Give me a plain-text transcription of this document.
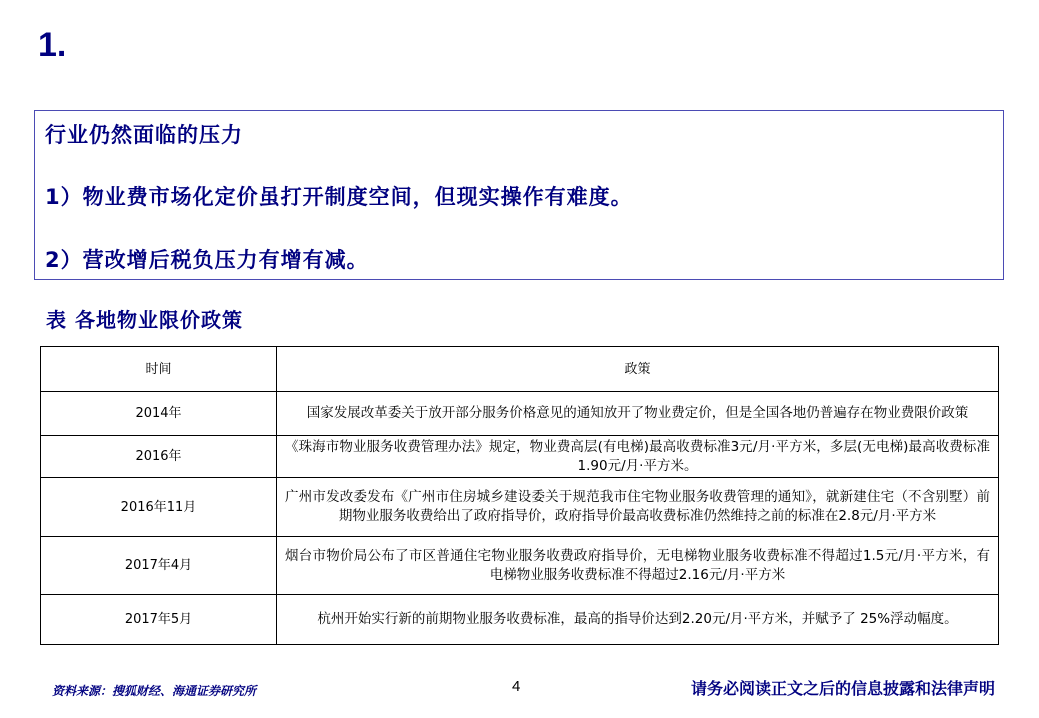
1.
行业仍然面临的压力
1）物业费市场化定价虽打开制度空间，但现实操作有难度。
2）营改增后税负压力有增有减。
表 各地物业限价政策
时间	政策
2014年	国家发展改革委关于放开部分服务价格意见的通知放开了物业费定价，但是全国各地仍普遍存在物业费限价政策
2016年	《珠海市物业服务收费管理办法》规定，物业费高层(有电梯)最高收费标准3元/月·平方米，多层(无电梯)最高收费标准1.90元/月·平方米。
2016年11月	广州市发改委发布《广州市住房城乡建设委关于规范我市住宅物业服务收费管理的通知》，就新建住宅（不含别墅）前期物业服务收费给出了政府指导价，政府指导价最高收费标准仍然维持之前的标准在2.8元/月·平方米
2017年4月	烟台市物价局公布了市区普通住宅物业服务收费政府指导价，无电梯物业服务收费标准不得超过1.5元/月·平方米，有电梯物业服务收费标准不得超过2.16元/月·平方米
2017年5月	杭州开始实行新的前期物业服务收费标准，最高的指导价达到2.20元/月·平方米，并赋予了 25%浮动幅度。
资料来源：搜狐财经、海通证券研究所	4	请务必阅读正文之后的信息披露和法律声明
